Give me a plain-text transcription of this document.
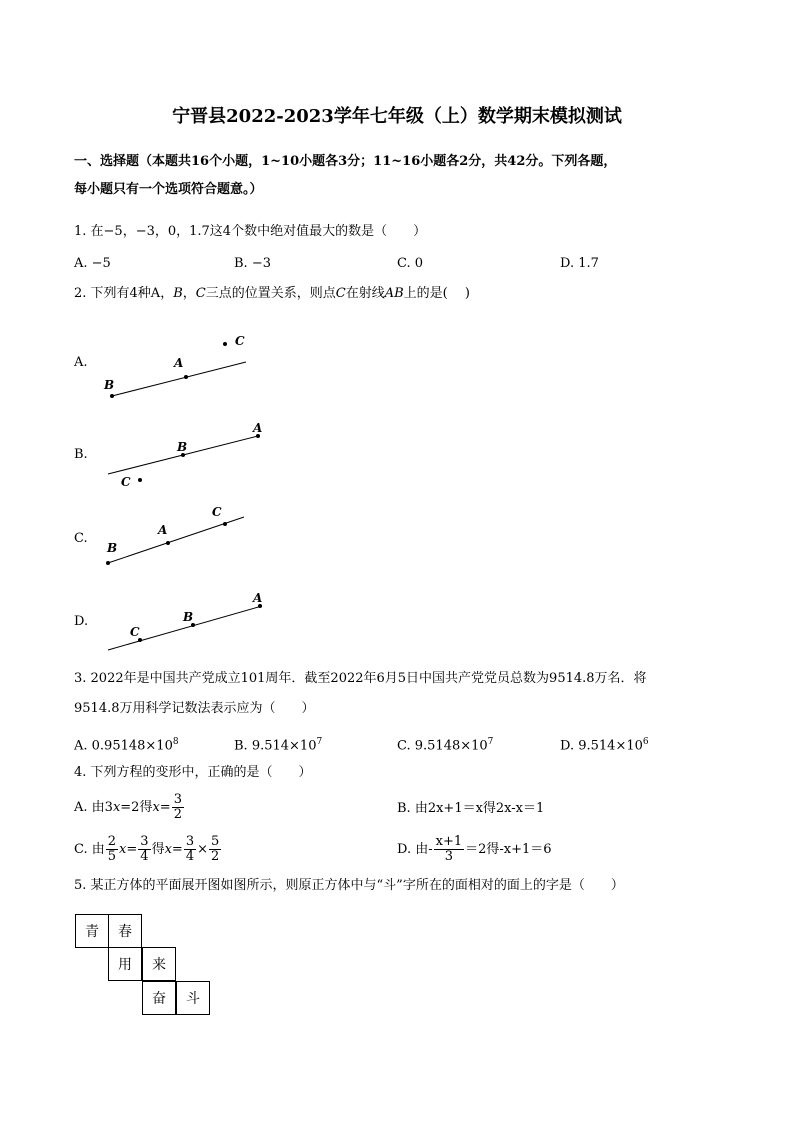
宁晋县2022-2023学年七年级（上）数学期末模拟测试
一、选择题（本题共16个小题，1~10小题各3分；11~16小题各2分，共42分。下列各题，
每小题只有一个选项符合题意。）
1. 在−5，−3，0，1.7这4个数中绝对值最大的数是（　　）
A. −5	B. −3	C. 0	D. 1.7
2. 下列有4种A，B，C三点的位置关系，则点C在射线AB上的是(　 )
A.
C
A
B
A
B
C
C
A
B
A
B
C
B.
C.
D.
3. 2022年是中国共产党成立101周年．截至2022年6月5日中国共产党党员总数为9514.8万名．将
9514.8万用科学记数法表示应为（　　）
A. $0.95148\times 10^8$	B. $9.514\times 10^7$	C. $9.5148\times 10^7$	D. $9.514\times 10^6$
4. 下列方程的变形中，正确的是（　　）
A. 由3x=2得$x= \frac{3}{2}$	B. 由2x+1＝x得2x-x＝1
C. 由 $\frac{2}{5} x= \frac{3}{4}$ 得$x= \frac{3}{4} \times \frac{5}{2}$	D. 由- $\frac{x+1}{3} =2$得-x+1＝6
5. 某正方体的平面展开图如图所示，则原正方体中与“斗”字所在的面相对的面上的字是（　　）
青	春
用	来
奋	斗
